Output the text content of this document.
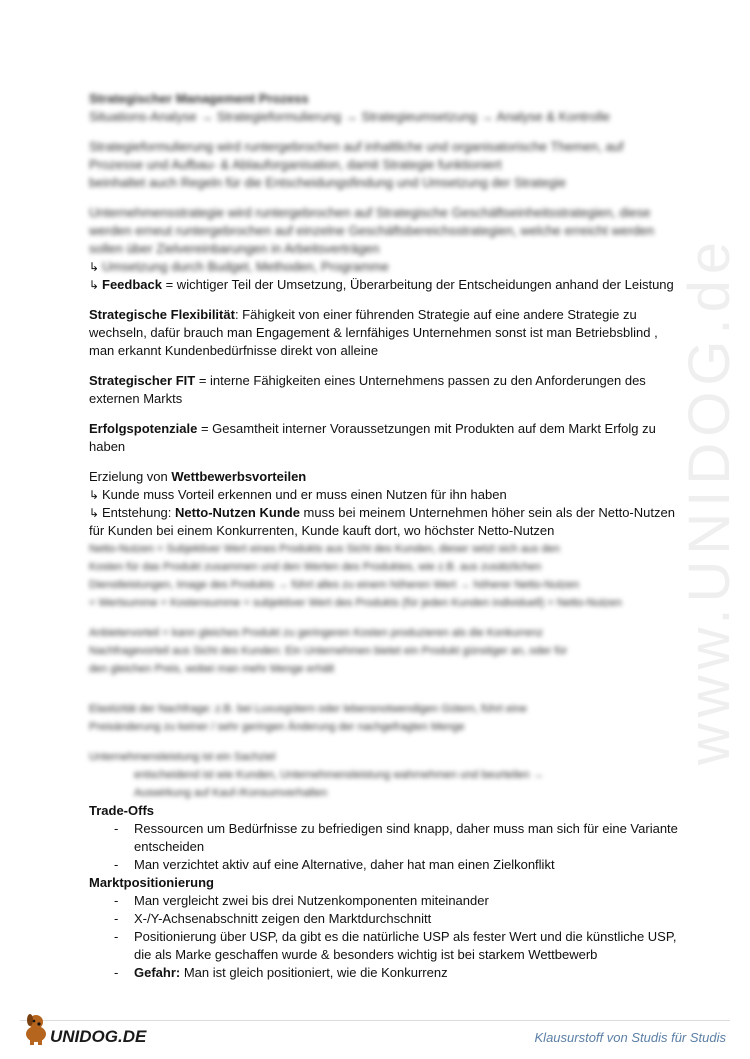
www.UNIDOG.de
Strategischer Management Prozess
Situations-Analyse → Strategieformulierung → Strategieumsetzung → Analyse & Kontrolle
Strategieformulierung wird runtergebrochen auf inhaltliche und organisatorische Themen, auf
Prozesse und Aufbau- & Ablauforganisation, damit Strategie funktioniert
beinhaltet auch Regeln für die Entscheidungsfindung und Umsetzung der Strategie
Unternehmensstrategie wird runtergebrochen auf Strategische Geschäftseinheitsstrategien, diese
werden erneut runtergebrochen auf einzelne Geschäftsbereichsstrategien, welche erreicht werden
sollen über Zielvereinbarungen in Arbeitsverträgen
↳ Umsetzung durch Budget, Methoden, Programme
↳ Feedback = wichtiger Teil der Umsetzung, Überarbeitung der Entscheidungen anhand der Leistung
Strategische Flexibilität: Fähigkeit von einer führenden Strategie auf eine andere Strategie zu
wechseln, dafür brauch man Engagement & lernfähiges Unternehmen sonst ist man Betriebsblind ,
man erkannt Kundenbedürfnisse direkt von alleine
Strategischer FIT = interne Fähigkeiten eines Unternehmens passen zu den Anforderungen des
externen Markts
Erfolgspotenziale = Gesamtheit interner Voraussetzungen mit Produkten auf dem Markt Erfolg zu
haben
Erzielung von Wettbewerbsvorteilen
↳ Kunde muss Vorteil erkennen und er muss einen Nutzen für ihn haben
↳ Entstehung: Netto-Nutzen Kunde muss bei meinem Unternehmen höher sein als der Netto-Nutzen
für Kunden bei einem Konkurrenten, Kunde kauft dort, wo höchster Netto-Nutzen
Netto-Nutzen = Subjektiver Wert eines Produkts aus Sicht des Kunden, dieser setzt sich aus den
Kosten für das Produkt zusammen und den Werten des Produktes, wie z.B. aus zusätzlichen
Dienstleistungen, Image des Produkts → führt alles zu einem höheren Wert → höherer Netto-Nutzen
= Wertsumme = Kostensumme = subjektiver Wert des Produkts (für jeden Kunden individuell) = Netto-Nutzen
Anbietervorteil = kann gleiches Produkt zu geringeren Kosten produzieren als die Konkurrenz
Nachfragevorteil aus Sicht des Kunden: Ein Unternehmen bietet ein Produkt günstiger an, oder für
den gleichen Preis, wobei man mehr Menge erhält
Elastizität der Nachfrage: z.B. bei Luxusgütern oder lebensnotwendigen Gütern, führt eine
Preisänderung zu keiner / sehr geringen Änderung der nachgefragten Menge
Unternehmensleistung ist ein Sachziel
entscheidend ist wie Kunden, Unternehmensleistung wahrnehmen und beurteilen →
Auswirkung auf Kauf-/Konsumverhalten
Trade-Offs
- Ressourcen um Bedürfnisse zu befriedigen sind knapp, daher muss man sich für eine Variante
entscheiden
- Man verzichtet aktiv auf eine Alternative, daher hat man einen Zielkonflikt
Marktpositionierung
- Man vergleicht zwei bis drei Nutzenkomponenten miteinander
- X-/Y-Achsenabschnitt zeigen den Marktdurchschnitt
- Positionierung über USP, da gibt es die natürliche USP als fester Wert und die künstliche USP,
die als Marke geschaffen wurde & besonders wichtig ist bei starkem Wettbewerb
- Gefahr: Man ist gleich positioniert, wie die Konkurrenz
UNIDOG.DE	Klausurstoff von Studis für Studis
